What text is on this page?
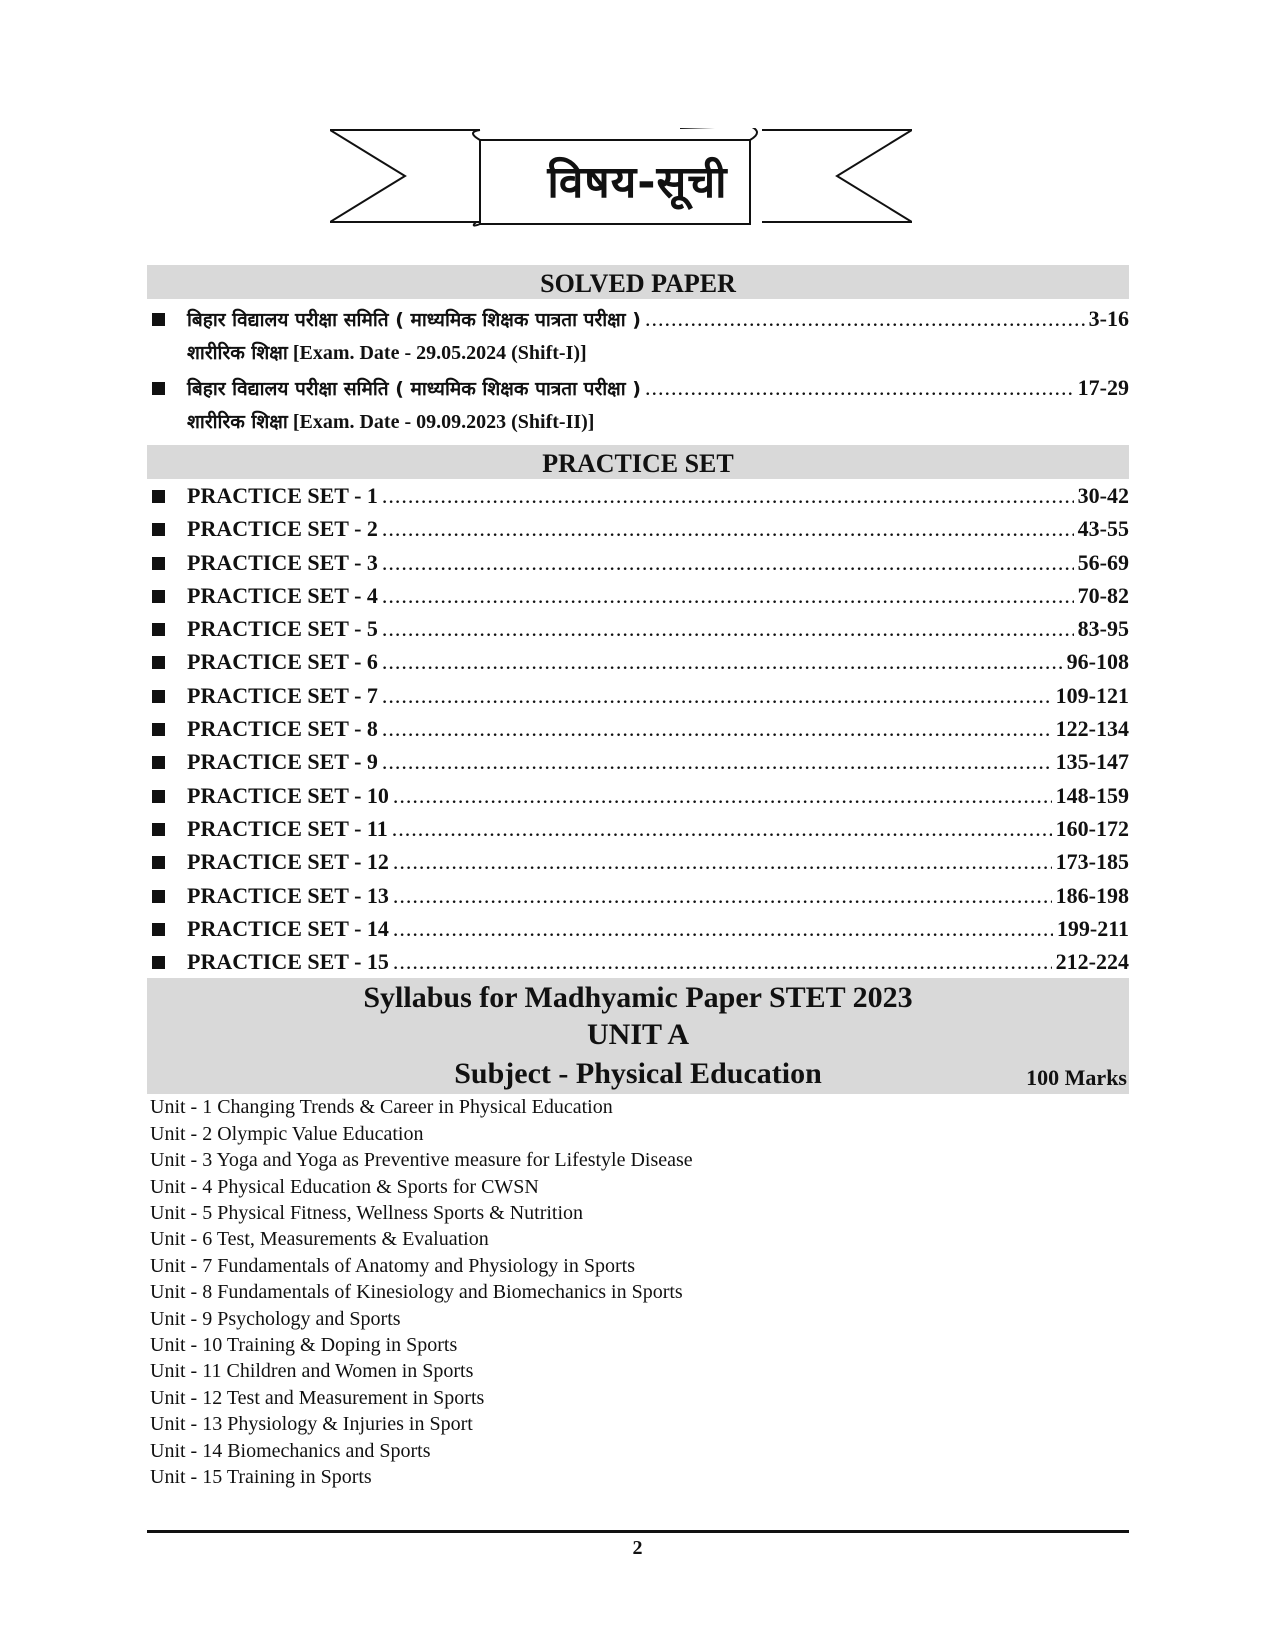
विषय-सूची
SOLVED PAPER
बिहार विद्यालय परीक्षा समिति ( माध्यमिक शिक्षक पात्रता परीक्षा ) .....	3-16
शारीरिक शिक्षा [Exam. Date - 29.05.2024 (Shift-I)]
बिहार विद्यालय परीक्षा समिति ( माध्यमिक शिक्षक पात्रता परीक्षा ) .....	17-29
शारीरिक शिक्षा [Exam. Date - 09.09.2023 (Shift-II)]
PRACTICE SET
PRACTICE SET - 1 .....	30-42
PRACTICE SET - 2 .....	43-55
PRACTICE SET - 3 .....	56-69
PRACTICE SET - 4 .....	70-82
PRACTICE SET - 5 .....	83-95
PRACTICE SET - 6 .....	96-108
PRACTICE SET - 7 .....	109-121
PRACTICE SET - 8 .....	122-134
PRACTICE SET - 9 .....	135-147
PRACTICE SET - 10 .....	148-159
PRACTICE SET - 11 .....	160-172
PRACTICE SET - 12 .....	173-185
PRACTICE SET - 13 .....	186-198
PRACTICE SET - 14 .....	199-211
PRACTICE SET - 15 .....	212-224
Syllabus for Madhyamic Paper STET 2023
UNIT A
Subject - Physical Education	100 Marks
Unit - 1 Changing Trends & Career in Physical Education
Unit - 2 Olympic Value Education
Unit - 3 Yoga and Yoga as Preventive measure for Lifestyle Disease
Unit - 4 Physical Education & Sports for CWSN
Unit - 5 Physical Fitness, Wellness Sports & Nutrition
Unit - 6 Test, Measurements & Evaluation
Unit - 7 Fundamentals of Anatomy and Physiology in Sports
Unit - 8 Fundamentals of Kinesiology and Biomechanics in Sports
Unit - 9 Psychology and Sports
Unit - 10 Training & Doping in Sports
Unit - 11 Children and Women in Sports
Unit - 12 Test and Measurement in Sports
Unit - 13 Physiology & Injuries in Sport
Unit - 14 Biomechanics and Sports
Unit - 15 Training in Sports
2
